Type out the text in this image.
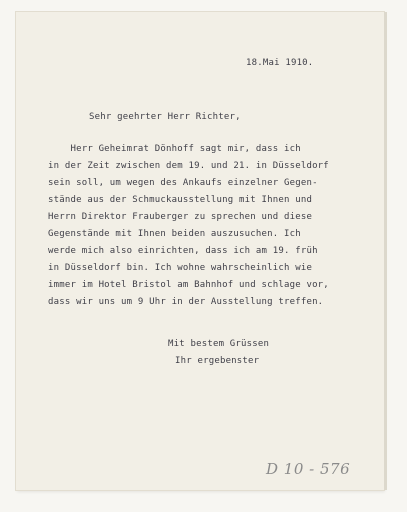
18.Mai 1910.
Sehr geehrter Herr Richter,
Herr Geheimrat Dönhoff sagt mir, dass ich
in der Zeit zwischen dem 19. und 21. in Düsseldorf
sein soll, um wegen des Ankaufs einzelner Gegen-
stände aus der Schmuckausstellung mit Ihnen und
Herrn Direktor Frauberger zu sprechen und diese
Gegenstände mit Ihnen beiden auszusuchen. Ich
werde mich also einrichten, dass ich am 19. früh
in Düsseldorf bin. Ich wohne wahrscheinlich wie
immer im Hotel Bristol am Bahnhof und schlage vor,
dass wir uns um 9 Uhr in der Ausstellung treffen.
Mit bestem Grüssen
Ihr ergebenster
D 10 - 576
